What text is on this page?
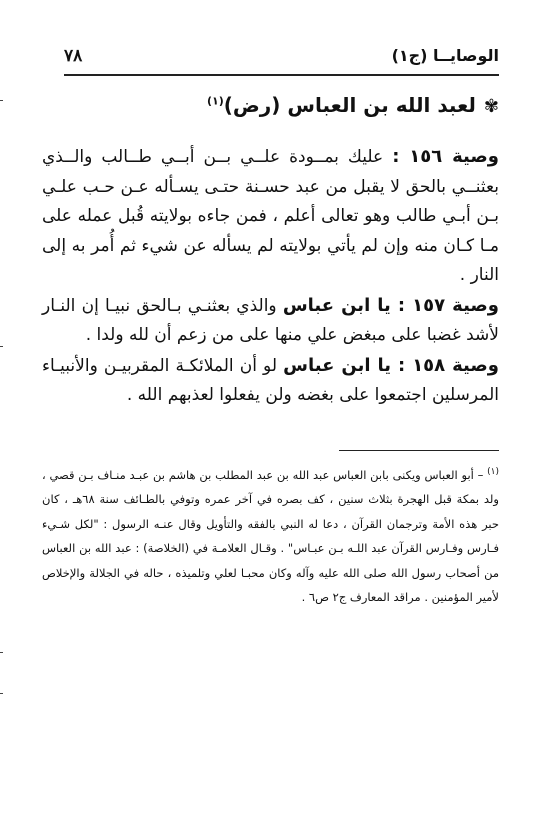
٧٨	الوصايــا (ج١)
✾لعبد الله بن العباس (رض)$^{(١)}$

وصية ١٥٦ : عليك بمــودة علــي بــن أبــي طــالب والــذي بعثنــي بالحق لا يقبل من عبد حسـنة حتـى يسـأله عـن حـب علـي بـن أبـي طالب وهو تعالى أعلم ، فمن جاءه بولايته قُبل عمله على مـا كـان منه وإن لم يأتي بولايته لم يسأله عن شيء ثم أُمر به إلى النار .

وصية ١٥٧ : يا ابن عباس والذي بعثنـي بـالحق نبيـا إن النـار لأشد غضبا على مبغض علي منها على من زعم أن لله ولدا .

وصية ١٥٨ : يا ابن عباس لو أن الملائكـة المقربيـن والأنبيـاء المرسلين اجتمعوا على بغضه ولن يفعلوا لعذبهم الله .

$^{(١)}$ – أبو العباس ويكنى بابن العباس عبد الله بن عبد المطلب بن هاشم بن عبـد منـاف بـن قصي ، ولد بمكة قبل الهجرة بثلاث سنين ، كف بصره في آخر عمره وتوفي بالطـائف سنة ٦٨هـ ، كان حبر هذه الأمة وترجمان القرآن ، دعا له النبي بالفقه والتأويل وقال عنـه الرسول : "لكل شـيء فـارس وفـارس القرآن عبد اللـه بـن عبـاس" . وقـال العلامـة في (الخلاصة) : عبد الله بن العباس من أصحاب رسول الله صلى الله عليه وآله وكان محبـا لعلي وتلميذه ، حاله في الجلالة والإخلاص لأمير المؤمنين . مراقد المعارف ج٢ ص٦ .
